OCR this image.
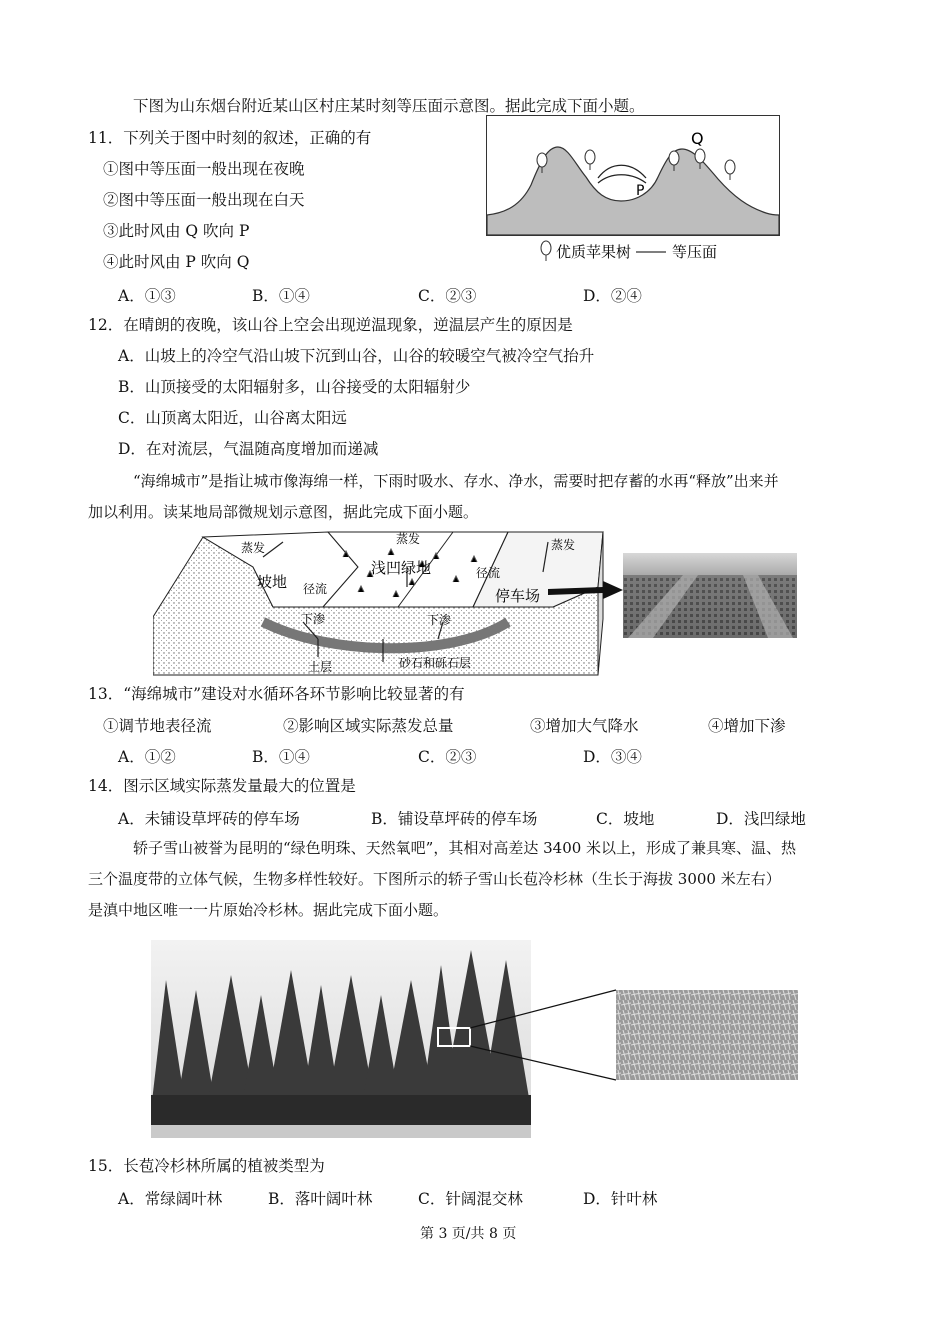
下图为山东烟台附近某山区村庄某时刻等压面示意图。据此完成下面小题。
11．下列关于图中时刻的叙述，正确的有
①图中等压面一般出现在夜晚
②图中等压面一般出现在白天
③此时风由 Q 吹向 P
④此时风由 P 吹向 Q
A．①③	B．①④	C．②③	D．②④
Q
P
优质苹果树	等压面
12．在晴朗的夜晚，该山谷上空会出现逆温现象，逆温层产生的原因是
A．山坡上的冷空气沿山坡下沉到山谷，山谷的较暖空气被冷空气抬升
B．山顶接受的太阳辐射多，山谷接受的太阳辐射少
C．山顶离太阳近，山谷离太阳远
D．在对流层，气温随高度增加而递减
“海绵城市”是指让城市像海绵一样，下雨时吸水、存水、净水，需要时把存蓄的水再“释放”出来并
加以利用。读某地局部微规划示意图，据此完成下面小题。
蒸发
蒸发	蒸发
坡地
浅凹绿地
停车场
径流
径流
下渗	下渗
土层	砂石和砾石层
13．“海绵城市”建设对水循环各环节影响比较显著的有
①调节地表径流	②影响区域实际蒸发总量	③增加大气降水	④增加下渗
A．①②	B．①④	C．②③	D．③④
14．图示区域实际蒸发量最大的位置是
A．未铺设草坪砖的停车场	B．铺设草坪砖的停车场	C．坡地	D．浅凹绿地
轿子雪山被誉为昆明的“绿色明珠、天然氧吧”，其相对高差达 3400 米以上，形成了兼具寒、温、热
三个温度带的立体气候，生物多样性较好。下图所示的轿子雪山长苞冷杉林（生长于海拔 3000 米左右）
是滇中地区唯一一片原始冷杉林。据此完成下面小题。
15．长苞冷杉林所属的植被类型为
A．常绿阔叶林	B．落叶阔叶林	C．针阔混交林	D．针叶林
第 3 页/共 8 页
